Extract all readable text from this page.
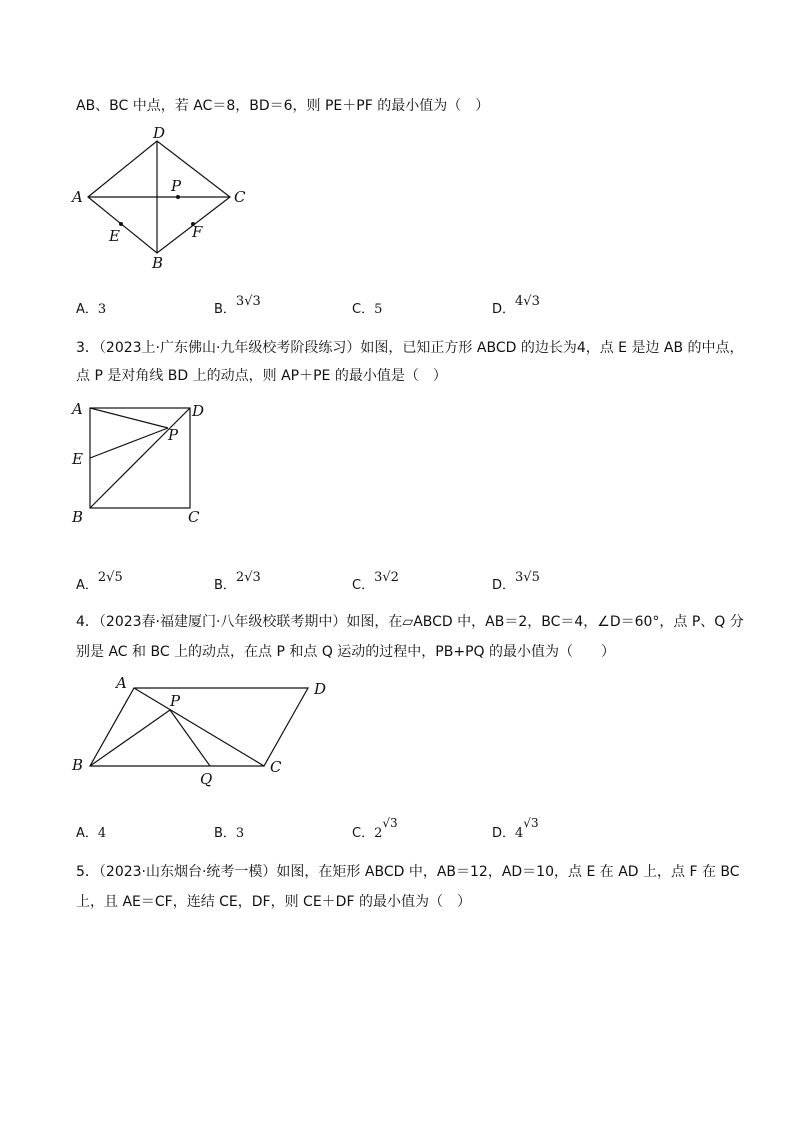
AB、BC 中点，若 AC＝8，BD＝6，则 PE＋PF 的最小值为（　）
D
A	C
B
P
E	F
A．3	B．3√3
C．5	D．4√3
3．（2023上·广东佛山·九年级校考阶段练习）如图，已知正方形 ABCD 的边长为4，点 E 是边 AB 的中点，
点 P 是对角线 BD 上的动点，则 AP＋PE 的最小值是（　）
A	D
P
E
B	C
A．2√5
B．2√3
C．3√2
D．3√5
4．（2023春·福建厦门·八年级校联考期中）如图，在▱ABCD 中，AB＝2，BC＝4，∠D＝60°，点 P、Q 分
别是 AC 和 BC 上的动点，在点 P 和点 Q 运动的过程中，PB+PQ 的最小值为（　　）
A	D
P
B	C
Q
A．4	B．3	C．2√3
D．4√3
5．（2023·山东烟台·统考一模）如图，在矩形 ABCD 中，AB＝12，AD＝10，点 E 在 AD 上，点 F 在 BC
上，且 AE＝CF，连结 CE，DF，则 CE＋DF 的最小值为（　）
